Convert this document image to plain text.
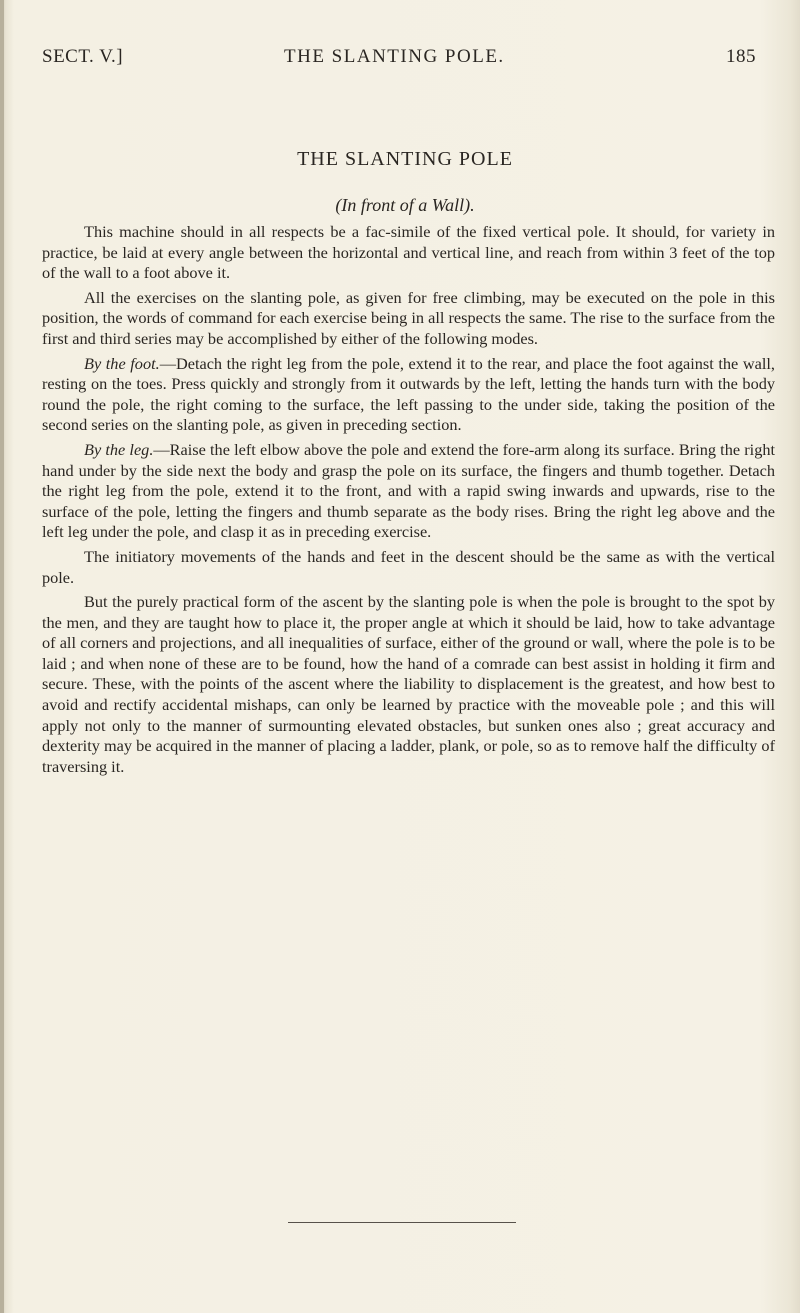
SECT. V.]	THE SLANTING POLE.	185
THE SLANTING POLE
(In front of a Wall).

This machine should in all respects be a fac-simile of the fixed vertical pole. It should, for variety in practice, be laid at every angle between the horizontal and vertical line, and reach from within 3 feet of the top of the wall to a foot above it.

All the exercises on the slanting pole, as given for free climbing, may be executed on the pole in this position, the words of command for each exercise being in all respects the same. The rise to the surface from the first and third series may be accomplished by either of the following modes.

By the foot.—Detach the right leg from the pole, extend it to the rear, and place the foot against the wall, resting on the toes. Press quickly and strongly from it outwards by the left, letting the hands turn with the body round the pole, the right coming to the surface, the left passing to the under side, taking the position of the second series on the slanting pole, as given in preceding section.

By the leg.—Raise the left elbow above the pole and extend the fore-arm along its surface. Bring the right hand under by the side next the body and grasp the pole on its surface, the fingers and thumb together. Detach the right leg from the pole, extend it to the front, and with a rapid swing inwards and upwards, rise to the surface of the pole, letting the fingers and thumb separate as the body rises. Bring the right leg above and the left leg under the pole, and clasp it as in preceding exercise.

The initiatory movements of the hands and feet in the descent should be the same as with the vertical pole.

But the purely practical form of the ascent by the slanting pole is when the pole is brought to the spot by the men, and they are taught how to place it, the proper angle at which it should be laid, how to take advantage of all corners and projections, and all inequalities of surface, either of the ground or wall, where the pole is to be laid ; and when none of these are to be found, how the hand of a comrade can best assist in holding it firm and secure. These, with the points of the ascent where the liability to displacement is the greatest, and how best to avoid and rectify accidental mishaps, can only be learned by practice with the moveable pole ; and this will apply not only to the manner of surmounting elevated obstacles, but sunken ones also ; great accuracy and dexterity may be acquired in the manner of placing a ladder, plank, or pole, so as to remove half the difficulty of traversing it.
